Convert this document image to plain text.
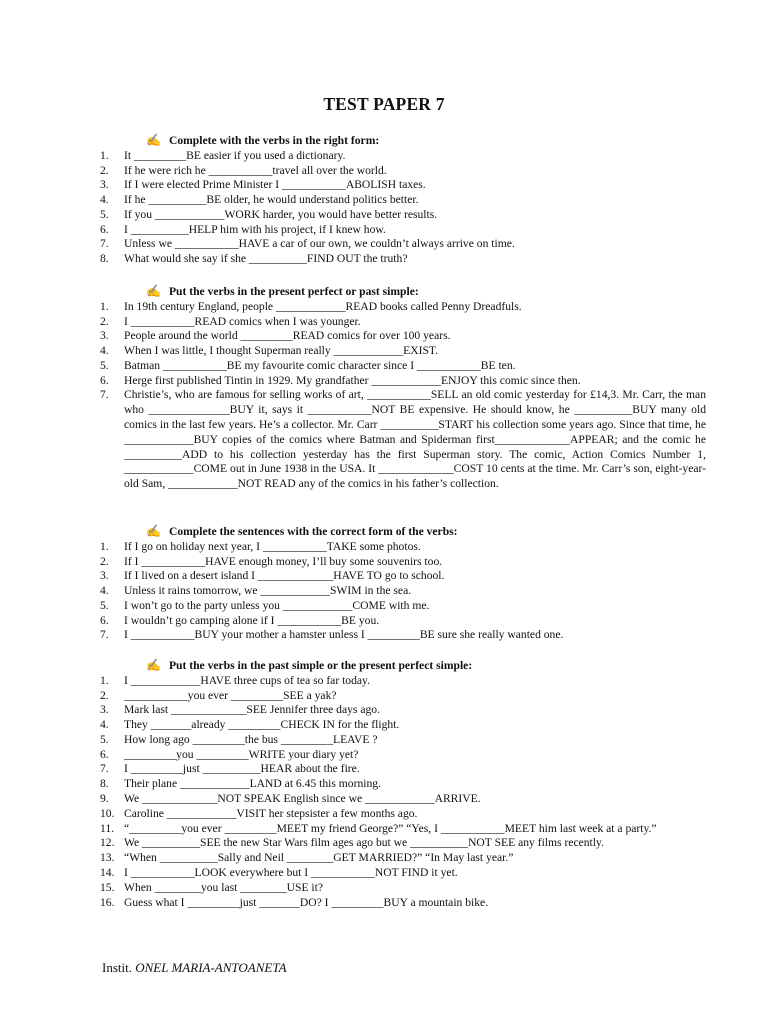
TEST PAPER 7
✍ Complete with the verbs in the right form:
1.	It _________BE easier if you used a dictionary.
2.	If he were rich he ___________travel all over the world.
3.	If I were elected Prime Minister I ___________ABOLISH taxes.
4.	If he __________BE older, he would understand politics better.
5.	If you ____________WORK harder, you would have better results.
6.	I __________HELP him with his project, if I knew how.
7.	Unless we ___________HAVE a car of our own, we couldn’t always arrive on time.
8.	What would she say if she __________FIND OUT the truth?
✍ Put the verbs in the present perfect or past simple:
1.	In 19th century England, people ____________READ books called Penny Dreadfuls.
2.	I ___________READ comics when I was younger.
3.	People around the world _________READ comics for over 100 years.
4.	When I was little, I thought Superman really ____________EXIST.
5.	Batman ___________BE my favourite comic character since I ___________BE ten.
6.	Herge first published Tintin in 1929. My grandfather ____________ENJOY this comic since then.
7.	Christie’s, who are famous for selling works of art, ___________SELL an old comic yesterday for £14,3. Mr. Carr, the man who ______________BUY it, says it ___________NOT BE expensive. He should know, he __________BUY many old comics in the last few years. He’s a collector. Mr. Carr __________START his collection some years ago. Since that time, he ____________BUY copies of the comics where Batman and Spiderman first_____________APPEAR; and the comic he __________ADD to his collection yesterday has the first Superman story. The comic, Action Comics Number 1, ____________COME out in June 1938 in the USA. It _____________COST 10 cents at the time. Mr. Carr’s son, eight-year-old Sam, ____________NOT READ any of the comics in his father’s collection.
✍ Complete the sentences with the correct form of the verbs:
1.	If I go on holiday next year, I ___________TAKE some photos.
2.	If I ___________HAVE enough money, I’ll buy some souvenirs too.
3.	If I lived on a desert island I _____________HAVE TO go to school.
4.	Unless it rains tomorrow, we ____________SWIM in the sea.
5.	I won’t go to the party unless you ____________COME with me.
6.	I wouldn’t go camping alone if I ___________BE you.
7.	I ___________BUY your mother a hamster unless I _________BE sure she really wanted one.
✍ Put the verbs in the past simple or the present perfect simple:
1.	I ____________HAVE three cups of tea so far today.
2.	___________you ever _________SEE a yak?
3.	Mark last _____________SEE Jennifer three days ago.
4.	They _______already _________CHECK IN for the flight.
5.	How long ago _________the bus _________LEAVE ?
6.	_________you _________WRITE your diary yet?
7.	I _________just __________HEAR about the fire.
8.	Their plane ____________LAND at 6.45 this morning.
9.	We _____________NOT SPEAK English since we ____________ARRIVE.
10. Caroline ____________VISIT her stepsister a few months ago.
11. “_________you ever _________MEET my friend George?” “Yes, I ___________MEET him last week at a party.”
12. We __________SEE the new Star Wars film ages ago but we __________NOT SEE any films recently.
13. “When __________Sally and Neil ________GET MARRIED?” “In May last year.”
14. I ___________LOOK everywhere but I ___________NOT FIND it yet.
15. When ________you last ________USE it?
16. Guess what I _________just _______DO? I _________BUY a mountain bike.
Instit. ONEL MARIA-ANTOANETA
